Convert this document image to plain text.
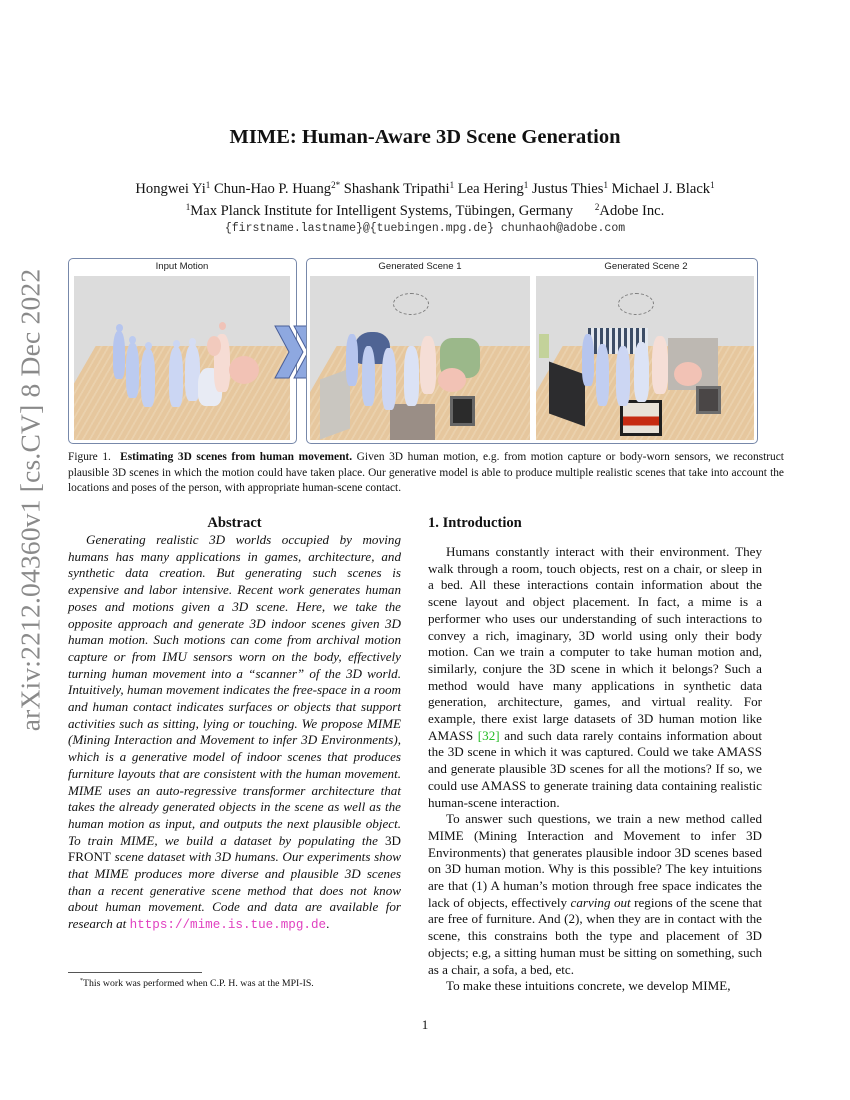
arXiv:2212.04360v1 [cs.CV] 8 Dec 2022
MIME: Human-Aware 3D Scene Generation
Hongwei Yi$^1$ Chun-Hao P. Huang$^{2*}$ Shashank Tripathi$^1$ Lea Hering$^1$ Justus Thies$^1$ Michael J. Black$^1$
$^1$Max Planck Institute for Intelligent Systems, Tübingen, Germany $^2$Adobe Inc.
{firstname.lastname}@{tuebingen.mpg.de} chunhaoh@adobe.com
Input Motion	Generated Scene 1	Generated Scene 2
Figure 1. Estimating 3D scenes from human movement. Given 3D human motion, e.g. from motion capture or body-worn sensors, we reconstruct plausible 3D scenes in which the motion could have taken place. Our generative model is able to produce multiple realistic scenes that take into account the locations and poses of the person, with appropriate human-scene contact.
Abstract

Generating realistic 3D worlds occupied by moving humans has many applications in games, architecture, and synthetic data creation. But generating such scenes is expensive and labor intensive. Recent work generates human poses and motions given a 3D scene. Here, we take the opposite approach and generate 3D indoor scenes given 3D human motion. Such motions can come from archival motion capture or from IMU sensors worn on the body, effectively turning human movement into a “scanner” of the 3D world. Intuitively, human movement indicates the free-space in a room and human contact indicates surfaces or objects that support activities such as sitting, lying or touching. We propose MIME (Mining Interaction and Movement to infer 3D Environments), which is a generative model of indoor scenes that produces furniture layouts that are consistent with the human movement. MIME uses an auto-regressive transformer architecture that takes the already generated objects in the scene as well as the human motion as input, and outputs the next plausible object. To train MIME, we build a dataset by populating the 3D FRONT scene dataset with 3D humans. Our experiments show that MIME produces more diverse and plausible 3D scenes than a recent generative scene method that does not know about human movement. Code and data are available for research at https://mime.is.tue.mpg.de.

1. Introduction

Humans constantly interact with their environment. They walk through a room, touch objects, rest on a chair, or sleep in a bed. All these interactions contain information about the scene layout and object placement. In fact, a mime is a performer who uses our understanding of such interactions to convey a rich, imaginary, 3D world using only their body motion. Can we train a computer to take human motion and, similarly, conjure the 3D scene in which it belongs? Such a method would have many applications in synthetic data generation, architecture, games, and virtual reality. For example, there exist large datasets of 3D human motion like AMASS [32] and such data rarely contains information about the 3D scene in which it was captured. Could we take AMASS and generate plausible 3D scenes for all the motions? If so, we could use AMASS to generate training data containing realistic human-scene interaction.

To answer such questions, we train a new method called MIME (Mining Interaction and Movement to infer 3D Environments) that generates plausible indoor 3D scenes based on 3D human motion. Why is this possible? The key intuitions are that (1) A human’s motion through free space indicates the lack of objects, effectively carving out regions of the scene that are free of furniture. And (2), when they are in contact with the scene, this constrains both the type and placement of 3D objects; e.g, a sitting human must be sitting on something, such as a chair, a sofa, a bed, etc.

To make these intuitions concrete, we develop MIME,

*This work was performed when C.P. H. was at the MPI-IS.
1
